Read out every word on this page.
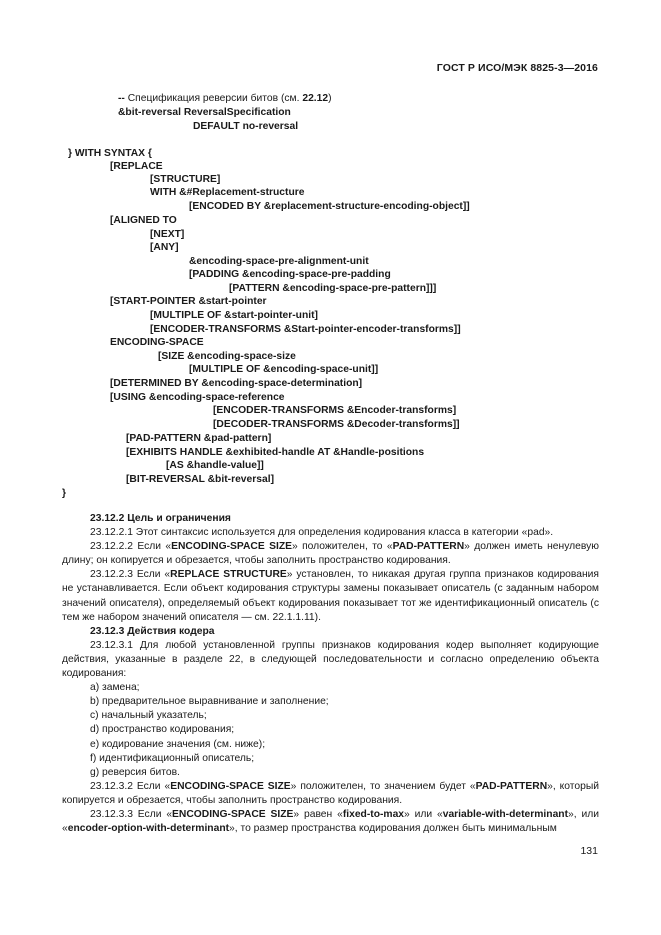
ГОСТ Р ИСО/МЭК 8825-3—2016
-- Спецификация реверсии битов (см. 22.12)
&bit-reversal ReversalSpecification
DEFAULT no-reversal
} WITH SYNTAX {
[REPLACE
[STRUCTURE]
WITH &#Replacement-structure
[ENCODED BY &replacement-structure-encoding-object]]
[ALIGNED TO
[NEXT]
[ANY]
&encoding-space-pre-alignment-unit
[PADDING &encoding-space-pre-padding
[PATTERN &encoding-space-pre-pattern]]]
[START-POINTER &start-pointer
[MULTIPLE OF &start-pointer-unit]
[ENCODER-TRANSFORMS &Start-pointer-encoder-transforms]]
ENCODING-SPACE
[SIZE &encoding-space-size
[MULTIPLE OF &encoding-space-unit]]
[DETERMINED BY &encoding-space-determination]
[USING &encoding-space-reference
[ENCODER-TRANSFORMS &Encoder-transforms]
[DECODER-TRANSFORMS &Decoder-transforms]]
[PAD-PATTERN &pad-pattern]
[EXHIBITS HANDLE &exhibited-handle AT &Handle-positions
[AS &handle-value]]
[BIT-REVERSAL &bit-reversal]
}

23.12.2 Цель и ограничения

23.12.2.1 Этот синтаксис используется для определения кодирования класса в категории «pad».

23.12.2.2 Если «ENCODING-SPACE SIZE» положителен, то «PAD-PATTERN» должен иметь ненулевую длину; он копируется и обрезается, чтобы заполнить пространство кодирования.

23.12.2.3 Если «REPLACE STRUCTURE» установлен, то никакая другая группа признаков кодирования не устанавливается. Если объект кодирования структуры замены показывает описатель (с заданным набором значений описателя), определяемый объект кодирования показывает тот же идентификационный описатель (с тем же набором значений описателя — см. 22.1.1.11).

23.12.3 Действия кодера

23.12.3.1 Для любой установленной группы признаков кодирования кодер выполняет кодирующие действия, указанные в разделе 22, в следующей последовательности и согласно определению объекта кодирования:

a) замена;

b) предварительное выравнивание и заполнение;

c) начальный указатель;

d) пространство кодирования;

e) кодирование значения (см. ниже);

f) идентификационный описатель;

g) реверсия битов.

23.12.3.2 Если «ENCODING-SPACE SIZE» положителен, то значением будет «PAD-PATTERN», который копируется и обрезается, чтобы заполнить пространство кодирования.

23.12.3.3 Если «ENCODING-SPACE SIZE» равен «fixed-to-max» или «variable-with-determinant», или «encoder-option-with-determinant», то размер пространства кодирования должен быть минимальным

131
